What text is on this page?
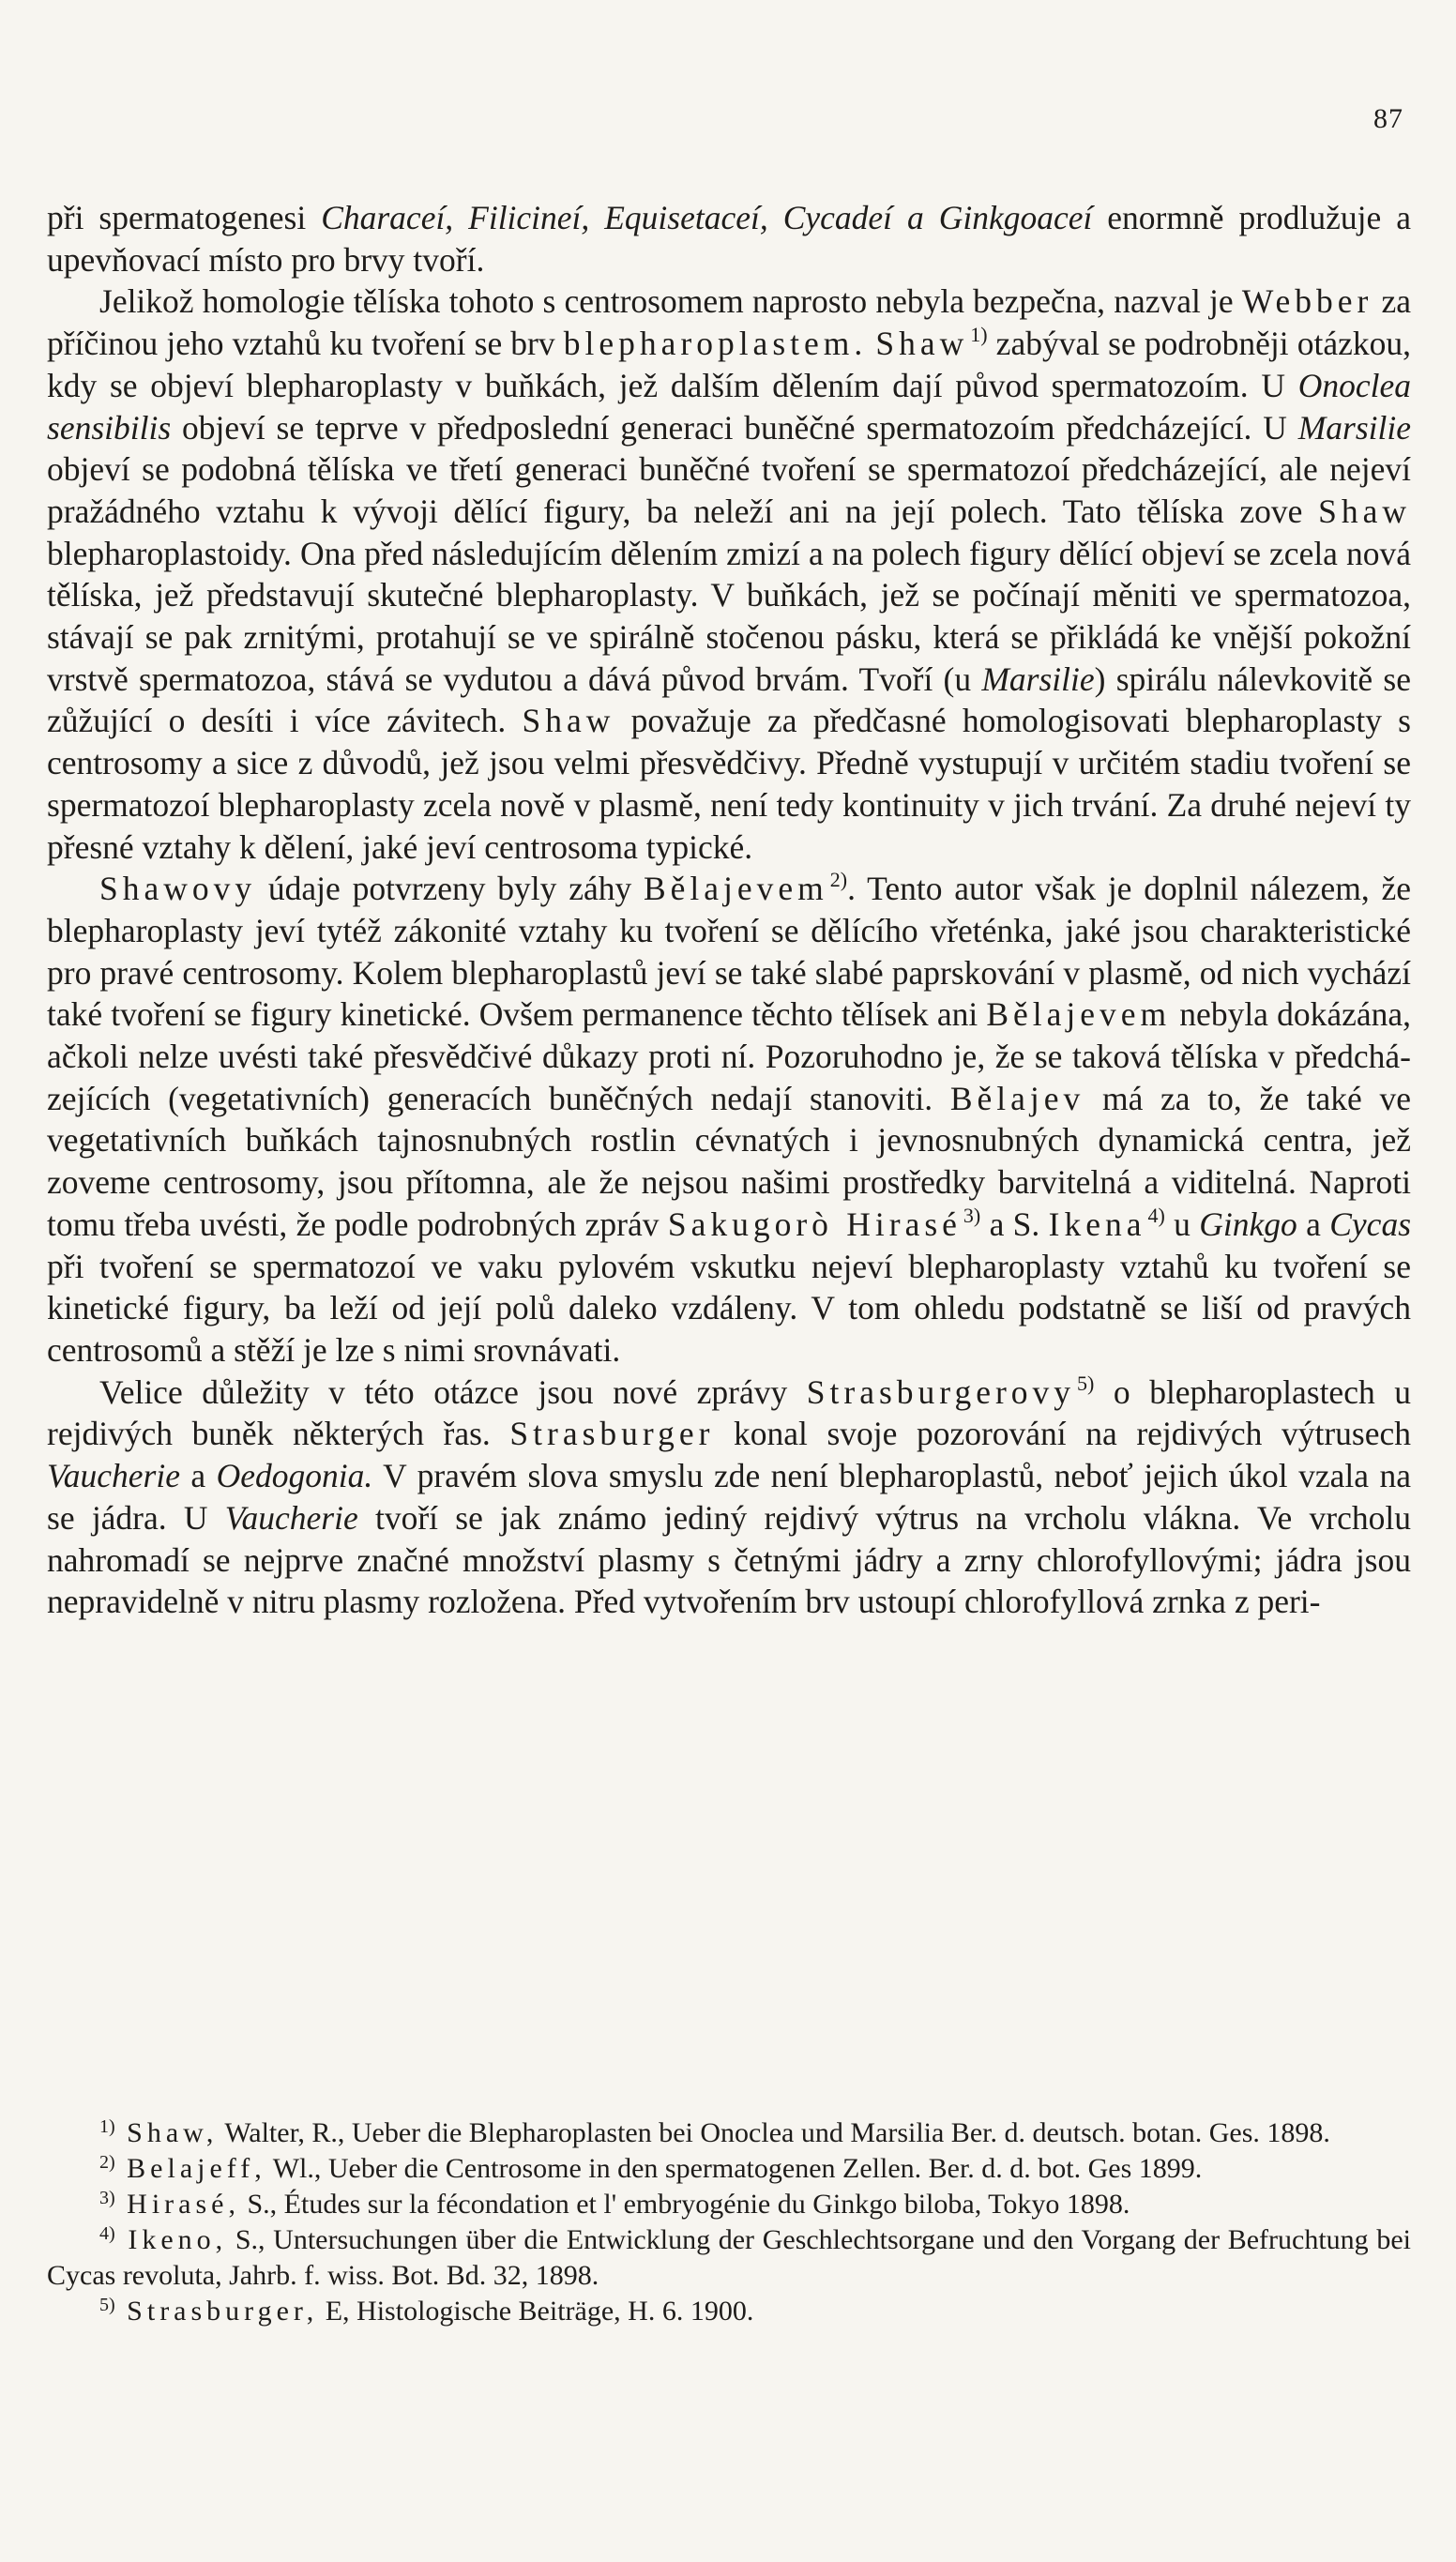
87

při spermatogenesi Characeí, Filicineí, Equisetaceí, Cycadeí a Ginkgoaceí enormně prodlužuje a upevňovací místo pro brvy tvoří.

Jelikož homologie tělíska tohoto s centrosomem naprosto nebyla bezpečna, nazval je Webber za příčinou jeho vztahů ku tvoření se brv blepharoplastem. Shaw$^{1)}$ zabýval se podrobněji otázkou, kdy se objeví blepharoplasty v buňkách, jež dalším dělením dají původ spermatozoím. U Onoclea sensibilis objeví se teprve v předposlední generaci buněčné spermatozoím předcházející. U Marsilie objeví se podobná tělíska ve třetí generaci buněčné tvoření se spermatozoí předcházející, ale nejeví pražádného vztahu k vývoji dělící figury, ba neleží ani na její polech. Tato tělíska zove Shaw blepharoplastoidy. Ona před následujícím dělením zmizí a na polech figury dělící objeví se zcela nová tělíska, jež představují skutečné blepharoplasty. V buňkách, jež se počínají měniti ve spermatozoa, stávají se pak zrnitými, protahují se ve spirálně stočenou pásku, která se přikládá ke vnější pokožní vrstvě spermatozoa, stává se vydutou a dává původ brvám. Tvoří (u Marsilie) spirálu nálevkovitě se zůžující o desíti i více závitech. Shaw považuje za předčasné homologisovati blepharoplasty s centrosomy a sice z důvodů, jež jsou velmi přesvědčivy. Předně vystupují v určitém stadiu tvoření se spermatozoí blepharoplasty zcela nově v plasmě, není tedy kontinuity v jich trvání. Za druhé nejeví ty přesné vztahy k dělení, jaké jeví centrosoma typické.

Shawovy údaje potvrzeny byly záhy Bělajevem$^{2)}$. Tento autor však je doplnil nálezem, že blepharoplasty jeví tytéž zákonité vztahy ku tvoření se dělícího vřeténka, jaké jsou charakteristické pro pravé centrosomy. Kolem blepharoplastů jeví se také slabé paprskování v plasmě, od nich vychází také tvoření se figury kinetické. Ovšem permanence těchto tělísek ani Bělajevem nebyla dokázána, ačkoli nelze uvésti také přesvědčivé důkazy proti ní. Pozoruhodno je, že se taková tělíska v předcházejících (vegetativních) generacích buněčných nedají stanoviti. Bělajev má za to, že také ve vegetativních buňkách tajnosnubných rostlin cévnatých i jevnosnubných dynamická centra, jež zoveme centrosomy, jsou přítomna, ale že nejsou našimi prostředky barvitelná a viditelná. Naproti tomu třeba uvésti, že podle podrobných zpráv Sakugorò Hirasé$^{3)}$ a S. Ikena$^{4)}$ u Ginkgo a Cycas při tvoření se spermatozoí ve vaku pylovém vskutku nejeví blepharoplasty vztahů ku tvoření se kinetické figury, ba leží od její polů daleko vzdáleny. V tom ohledu podstatně se liší od pravých centrosomů a stěží je lze s nimi srovnávati.

Velice důležity v této otázce jsou nové zprávy Strasburgerovy$^{5)}$ o blepharoplastech u rejdivých buněk některých řas. Strasburger konal svoje pozorování na rejdivých výtrusech Vaucherie a Oedogonia. V pravém slova smyslu zde není blepharoplastů, neboť jejich úkol vzala na se jádra. U Vaucherie tvoří se jak známo jediný rejdivý výtrus na vrcholu vlákna. Ve vrcholu nahromadí se nejprve značné množství plasmy s četnými jádry a zrny chlorofyllovými; jádra jsou nepravidelně v nitru plasmy rozložena. Před vytvořením brv ustoupí chlorofyllová zrnka z peri-

$^{1)}$ Shaw, Walter, R., Ueber die Blepharoplasten bei Onoclea und Marsilia Ber. d. deutsch. botan. Ges. 1898.

$^{2)}$ Belajeff, Wl., Ueber die Centrosome in den spermatogenen Zellen. Ber. d. d. bot. Ges 1899.

$^{3)}$ Hirasé, S., Études sur la fécondation et l' embryogénie du Ginkgo biloba, Tokyo 1898.

$^{4)}$ Ikeno, S., Untersuchungen über die Entwicklung der Geschlechtsorgane und den Vorgang der Befruchtung bei Cycas revoluta, Jahrb. f. wiss. Bot. Bd. 32, 1898.

$^{5)}$ Strasburger, E, Histologische Beiträge, H. 6. 1900.
